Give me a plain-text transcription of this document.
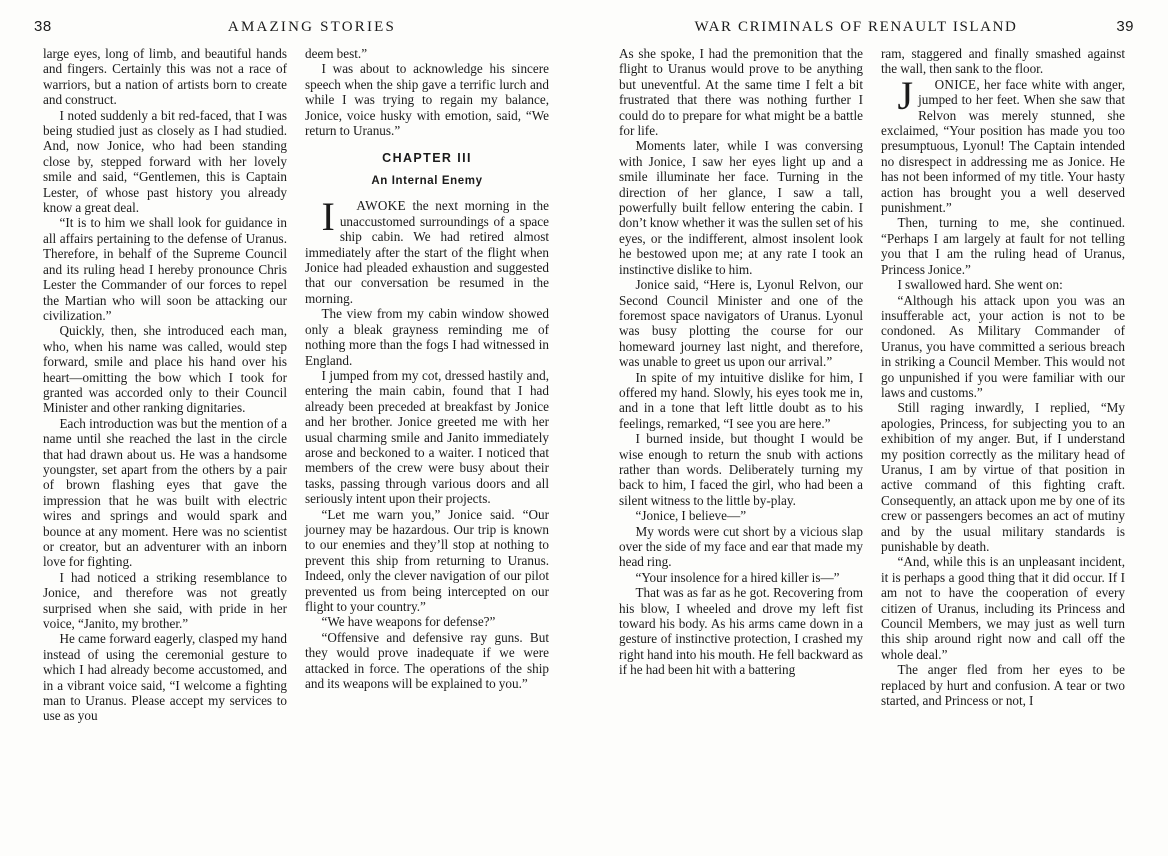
38	AMAZING STORIES	WAR CRIMINALS OF RENAULT ISLAND	39

large eyes, long of limb, and beautiful hands and fingers. Certainly this was not a race of warriors, but a nation of artists born to create and construct.

I noted suddenly a bit red-faced, that I was being studied just as closely as I had studied. And, now Jonice, who had been standing close by, stepped forward with her lovely smile and said, “Gentlemen, this is Captain Lester, of whose past history you already know a great deal.

“It is to him we shall look for guidance in all affairs pertaining to the defense of Uranus. Therefore, in behalf of the Supreme Council and its ruling head I hereby pronounce Chris Lester the Commander of our forces to repel the Martian who will soon be attacking our civilization.”

Quickly, then, she introduced each man, who, when his name was called, would step forward, smile and place his hand over his heart—omitting the bow which I took for granted was accorded only to their Council Minister and other ranking dignitaries.

Each introduction was but the mention of a name until she reached the last in the circle that had drawn about us. He was a handsome youngster, set apart from the others by a pair of brown flashing eyes that gave the impression that he was built with electric wires and springs and would spark and bounce at any moment. Here was no scientist or creator, but an adventurer with an inborn love for fighting.

I had noticed a striking resemblance to Jonice, and therefore was not greatly surprised when she said, with pride in her voice, “Janito, my brother.”

He came forward eagerly, clasped my hand instead of using the ceremonial gesture to which I had already become accustomed, and in a vibrant voice said, “I welcome a fighting man to Uranus. Please accept my services to use as you

deem best.”

I was about to acknowledge his sincere speech when the ship gave a terrific lurch and while I was trying to regain my balance, Jonice, voice husky with emotion, said, “We return to Uranus.”

CHAPTER III
An Internal Enemy

I	AWOKE the next morning in the unaccustomed surroundings of a space ship cabin. We had retired almost immediately after the start of the flight when Jonice had pleaded exhaustion and suggested that our conversation be resumed in the morning.

The view from my cabin window showed only a bleak grayness reminding me of nothing more than the fogs I had witnessed in England.

I jumped from my cot, dressed hastily and, entering the main cabin, found that I had already been preceded at breakfast by Jonice and her brother. Jonice greeted me with her usual charming smile and Janito immediately arose and beckoned to a waiter. I noticed that members of the crew were busy about their tasks, passing through various doors and all seriously intent upon their projects.

“Let me warn you,” Jonice said. “Our journey may be hazardous. Our trip is known to our enemies and they’ll stop at nothing to prevent this ship from returning to Uranus. Indeed, only the clever navigation of our pilot prevented us from being intercepted on our flight to your country.”

“We have weapons for defense?”

“Offensive and defensive ray guns. But they would prove inadequate if we were attacked in force. The operations of the ship and its weapons will be explained to you.”

As she spoke, I had the premonition that the flight to Uranus would prove to be anything but uneventful. At the same time I felt a bit frustrated that there was nothing further I could do to prepare for what might be a battle for life.

Moments later, while I was conversing with Jonice, I saw her eyes light up and a smile illuminate her face. Turning in the direction of her glance, I saw a tall, powerfully built fellow entering the cabin. I don’t know whether it was the sullen set of his eyes, or the indifferent, almost insolent look he bestowed upon me; at any rate I took an instinctive dislike to him.

Jonice said, “Here is, Lyonul Relvon, our Second Council Minister and one of the foremost space navigators of Uranus. Lyonul was busy plotting the course for our homeward journey last night, and therefore, was unable to greet us upon our arrival.”

In spite of my intuitive dislike for him, I offered my hand. Slowly, his eyes took me in, and in a tone that left little doubt as to his feelings, remarked, “I see you are here.”

I burned inside, but thought I would be wise enough to return the snub with actions rather than words. Deliberately turning my back to him, I faced the girl, who had been a silent witness to the little by-play.

“Jonice, I believe—”

My words were cut short by a vicious slap over the side of my face and ear that made my head ring.

“Your insolence for a hired killer is—”

That was as far as he got. Recovering from his blow, I wheeled and drove my left fist toward his body. As his arms came down in a gesture of instinctive protection, I crashed my right hand into his mouth. He fell backward as if he had been hit with a battering

ram, staggered and finally smashed against the wall, then sank to the floor.

J	ONICE, her face white with anger, jumped to her feet. When she saw that Relvon was merely stunned, she exclaimed, “Your position has made you too presumptuous, Lyonul! The Captain intended no disrespect in addressing me as Jonice. He has not been informed of my title. Your hasty action has brought you a well deserved punishment.”

Then, turning to me, she continued. “Perhaps I am largely at fault for not telling you that I am the ruling head of Uranus, Princess Jonice.”

I swallowed hard. She went on:

“Although his attack upon you was an insufferable act, your action is not to be condoned. As Military Commander of Uranus, you have committed a serious breach in striking a Council Member. This would not go unpunished if you were familiar with our laws and customs.”

Still raging inwardly, I replied, “My apologies, Princess, for subjecting you to an exhibition of my anger. But, if I understand my position correctly as the military head of Uranus, I am by virtue of that position in active command of this fighting craft. Consequently, an attack upon me by one of its crew or passengers becomes an act of mutiny and by the usual military standards is punishable by death.

“And, while this is an unpleasant incident, it is perhaps a good thing that it did occur. If I am not to have the cooperation of every citizen of Uranus, including its Princess and Council Members, we may just as well turn this ship around right now and call off the whole deal.”

The anger fled from her eyes to be replaced by hurt and confusion. A tear or two started, and Princess or not, I
